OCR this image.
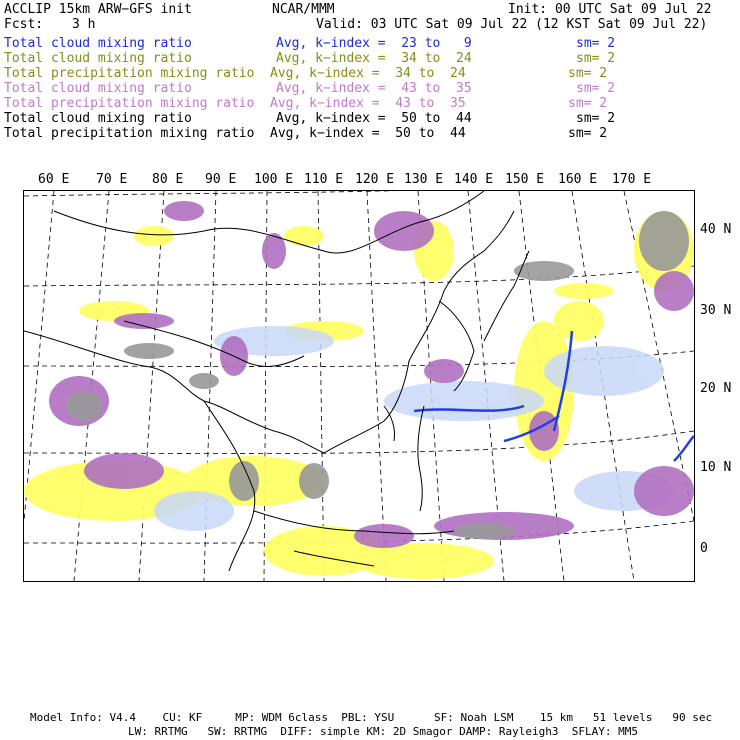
ACCLIP 15km ARW−GFS init	NCAR/MMM	Init: 00 UTC Sat 09 Jul 22
Fcst: 3 h	Valid: 03 UTC Sat 09 Jul 22 (12 KST Sat 09 Jul 22)
Total cloud mixing ratio	Avg, k−index =  23 to   9	sm= 2
Total cloud mixing ratio	Avg, k−index =  34 to  24	sm= 2
Total precipitation mixing ratio Avg, k−index =  34 to  24	sm= 2
Total cloud mixing ratio	Avg, k−index =  43 to  35	sm= 2
Total precipitation mixing ratio Avg, k−index =  43 to  35	sm= 2
Total cloud mixing ratio	Avg, k−index =  50 to  44	sm= 2
Total precipitation mixing ratio Avg, k−index =  50 to  44	sm= 2
60 E 70 E 80 E 90 E 100 E 110 E 120 E 130 E 140 E 150 E 160 E 170 E
40 N
30 N
20 N
10 N
0
Model Info: V4.4    CU: KF     MP: WDM 6class  PBL: YSU      SF: Noah LSM    15 km   51 levels   90 sec
LW: RRTMG   SW: RRTMG  DIFF: simple KM: 2D Smagor DAMP: Rayleigh3  SFLAY: MM5
